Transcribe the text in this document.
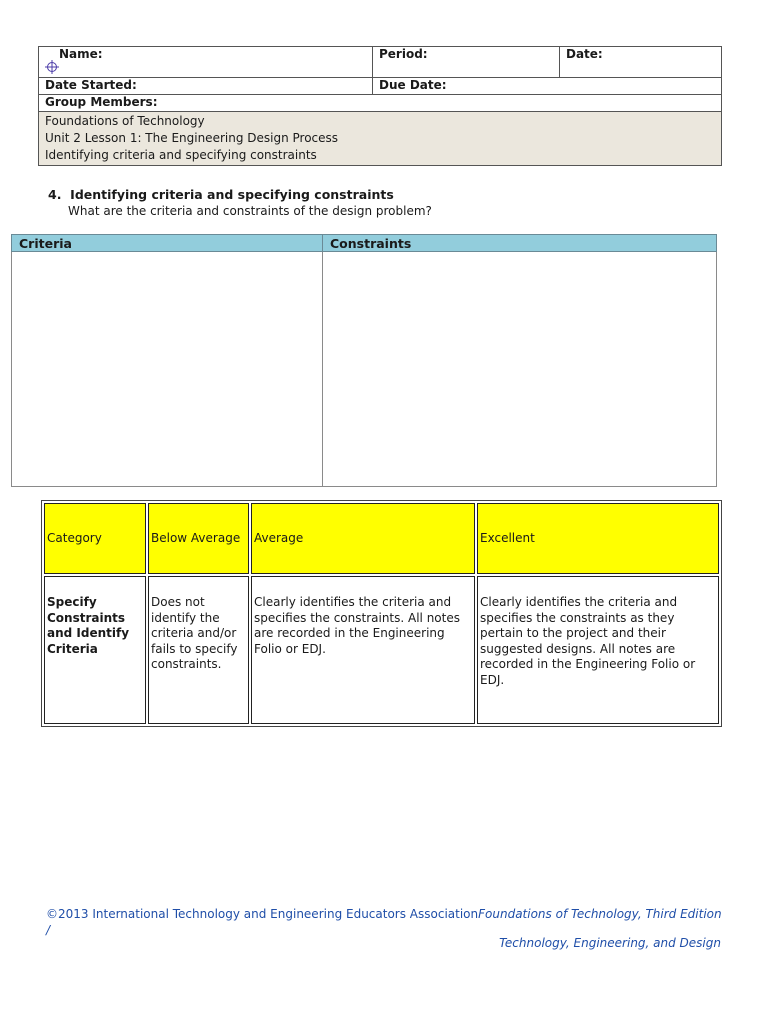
Name:	Period:	Date:
Date Started:	Due Date:	
Group Members:		

Foundations of Technology
Unit 2 Lesson 1: The Engineering Design Process
Identifying criteria and specifying constraints		
4. Identifying criteria and specifying constraints
What are the criteria and constraints of the design problem?
Criteria	Constraints

Category	Below Average	Average	Excellent
Specify Constraints and Identify Criteria	Does not identify the criteria and/or fails to specify constraints.	Clearly identifies the criteria and specifies the constraints. All notes are recorded in the Engineering Folio or EDJ.	Clearly identifies the criteria and specifies the constraints as they pertain to the project and their suggested designs. All notes are recorded in the Engineering Folio or EDJ.
©2013 International Technology and Engineering Educators AssociationFoundations of Technology, Third Edition /
Technology, Engineering, and Design
